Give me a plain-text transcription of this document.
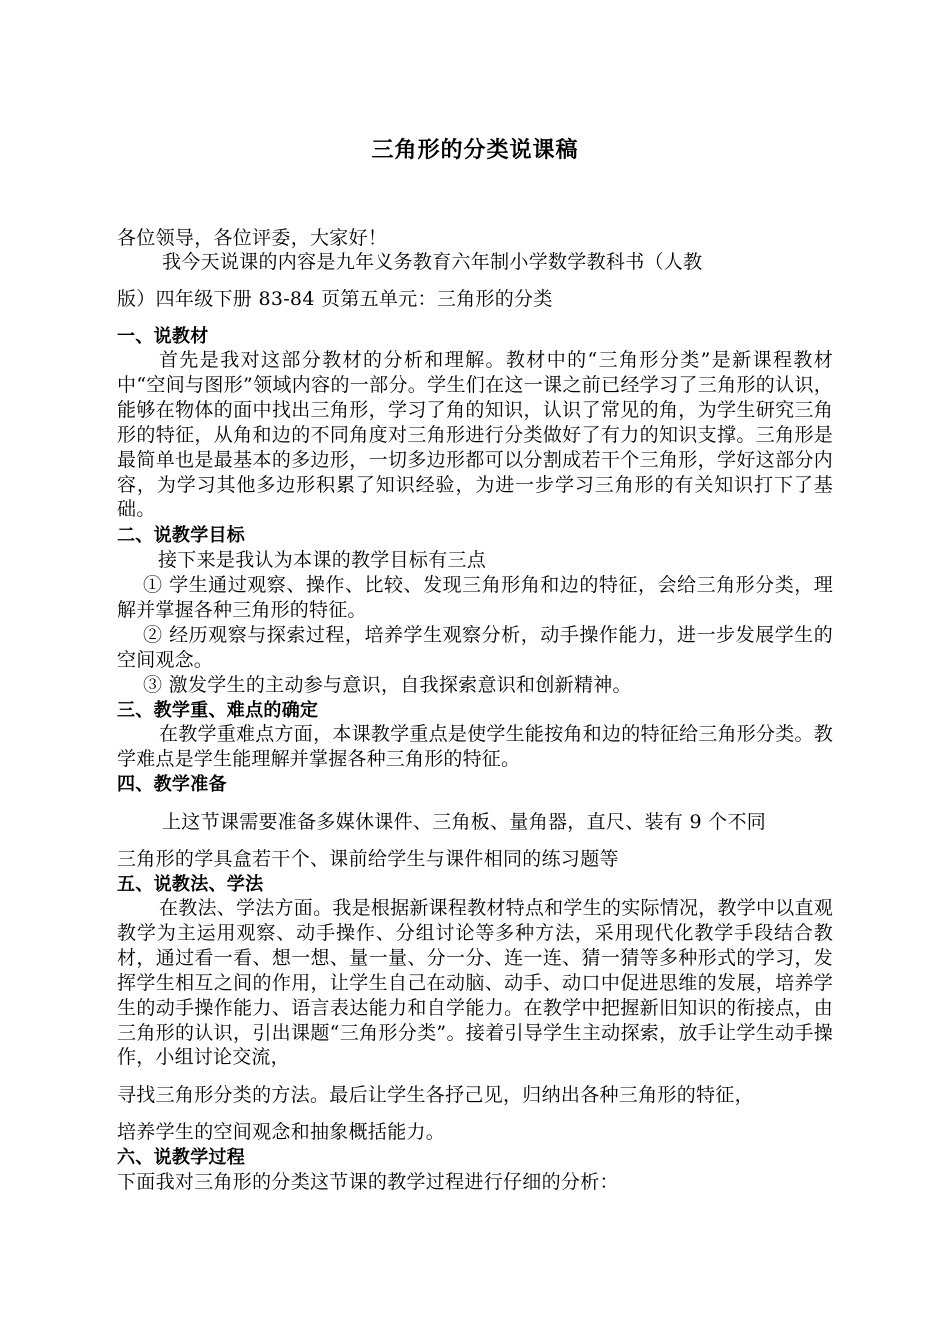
三角形的分类说课稿
各位领导，各位评委，大家好！
我今天说课的内容是九年义务教育六年制小学数学教科书（人教
版）四年级下册 83-84 页第五单元：三角形的分类
一、说教材
首先是我对这部分教材的分析和理解。教材中的“三角形分类”是新课程教材中“空间与图形”领域内容的一部分。学生们在这一课之前已经学习了三角形的认识，能够在物体的面中找出三角形，学习了角的知识，认识了常见的角，为学生研究三角形的特征，从角和边的不同角度对三角形进行分类做好了有力的知识支撑。三角形是最简单也是最基本的多边形，一切多边形都可以分割成若干个三角形，学好这部分内容，为学习其他多边形积累了知识经验，为进一步学习三角形的有关知识打下了基础。
二、说教学目标
接下来是我认为本课的教学目标有三点
① 学生通过观察、操作、比较、发现三角形角和边的特征，会给三角形分类，理解并掌握各种三角形的特征。
② 经历观察与探索过程，培养学生观察分析，动手操作能力，进一步发展学生的空间观念。
③ 激发学生的主动参与意识，自我探索意识和创新精神。
三、教学重、难点的确定
在教学重难点方面，本课教学重点是使学生能按角和边的特征给三角形分类。教学难点是学生能理解并掌握各种三角形的特征。
四、教学准备
上这节课需要准备多媒休课件、三角板、量角器，直尺、装有 9 个不同
三角形的学具盒若干个、课前给学生与课件相同的练习题等
五、说教法、学法
在教法、学法方面。我是根据新课程教材特点和学生的实际情况，教学中以直观教学为主运用观察、动手操作、分组讨论等多种方法，采用现代化教学手段结合教材，通过看一看、想一想、量一量、分一分、连一连、猜一猜等多种形式的学习，发挥学生相互之间的作用，让学生自己在动脑、动手、动口中促进思维的发展，培养学生的动手操作能力、语言表达能力和自学能力。在教学中把握新旧知识的衔接点，由三角形的认识，引出课题“三角形分类”。接着引导学生主动探索，放手让学生动手操作，小组讨论交流，
寻找三角形分类的方法。最后让学生各抒己见，归纳出各种三角形的特征，
培养学生的空间观念和抽象概括能力。
六、说教学过程
下面我对三角形的分类这节课的教学过程进行仔细的分析：
